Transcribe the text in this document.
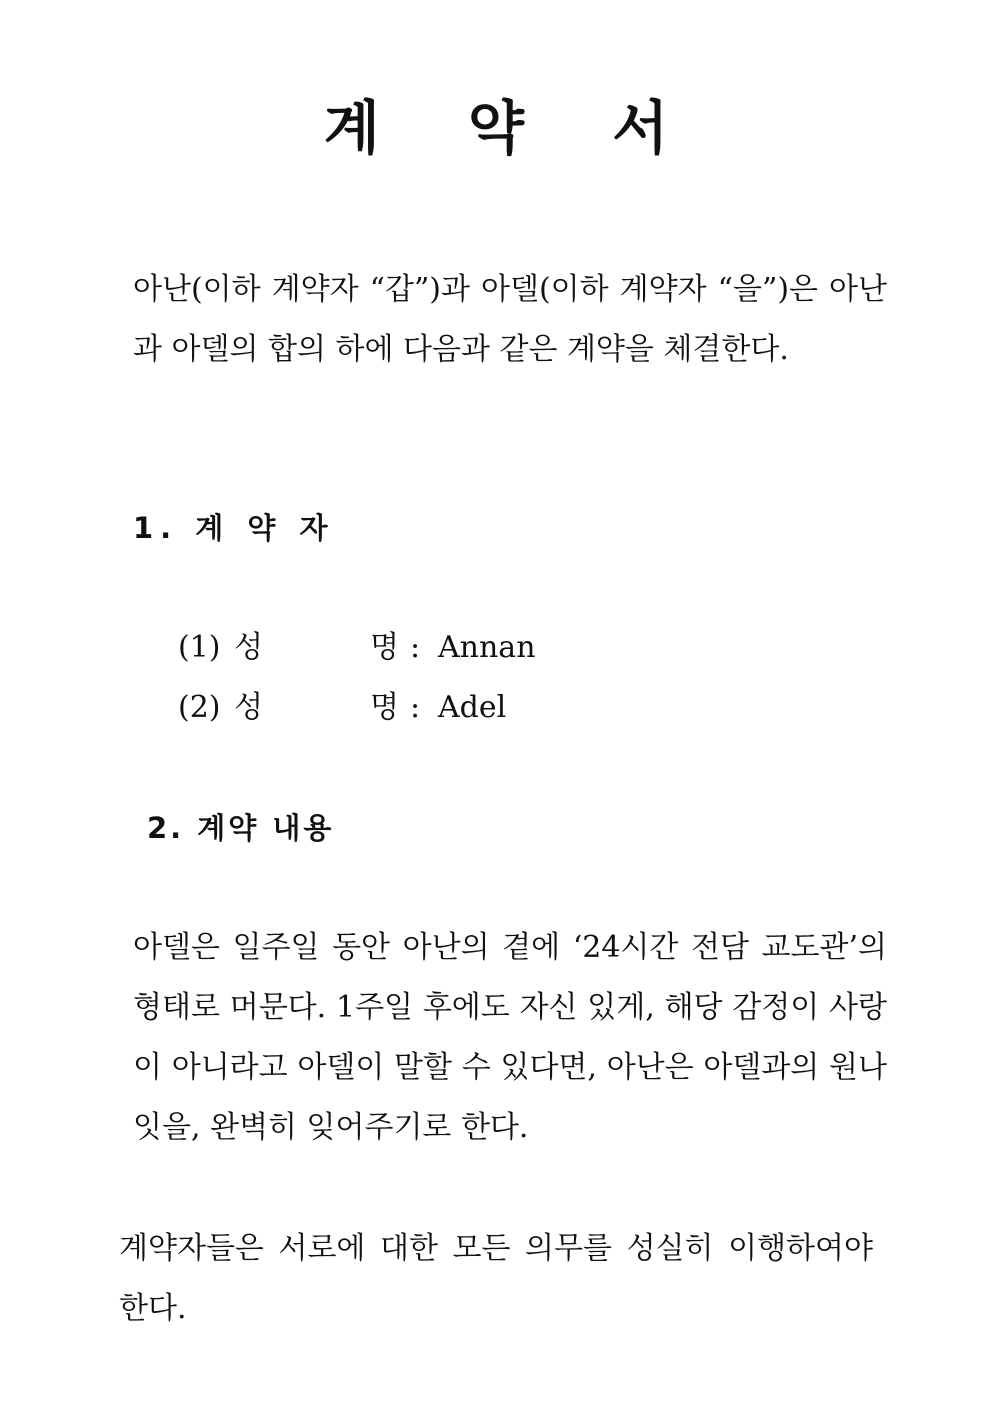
계 약 서

아난(이하 계약자 “갑”)과 아델(이하 계약자 “을”)은 아난과 아델의 합의 하에 다음과 같은 계약을 체결한다.

1. 계 약 자
(1) 성	명 : Annan
(2) 성	명 : Adel
2. 계약 내용

아델은 일주일 동안 아난의 곁에 ‘24시간 전담 교도관’의 형태로 머문다. 1주일 후에도 자신 있게, 해당 감정이 사랑이 아니라고 아델이 말할 수 있다면, 아난은 아델과의 원나잇을, 완벽히 잊어주기로 한다.

계약자들은 서로에 대한 모든 의무를 성실히 이행하여야 한다.
